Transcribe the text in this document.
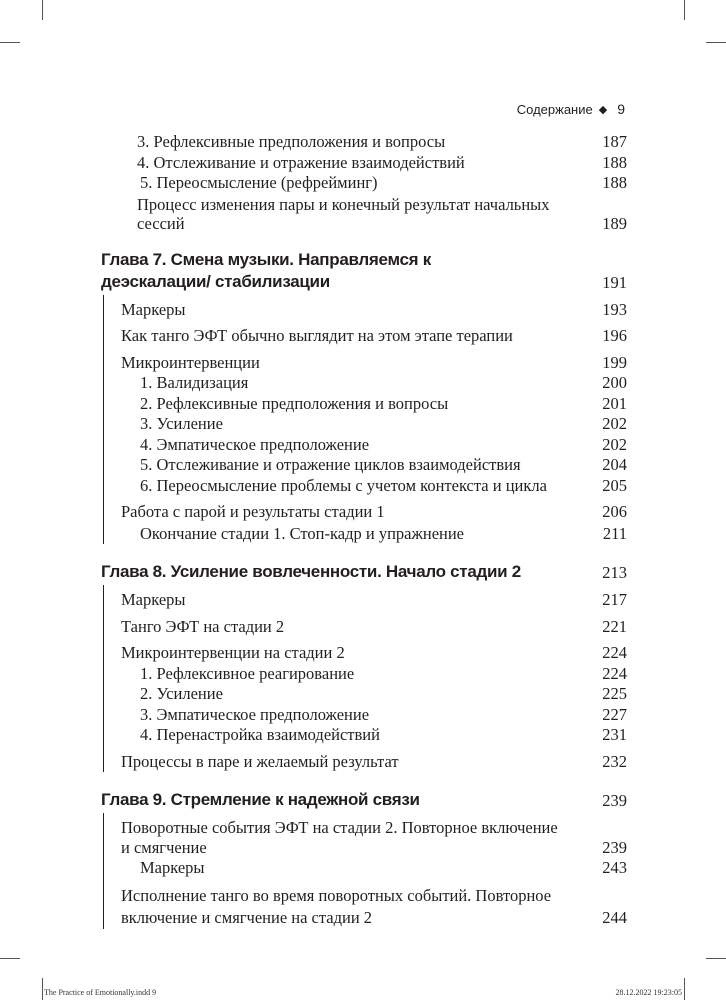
Содержание ◆ 9
3. Рефлексивные предположения и вопросы	187
4. Отслеживание и отражение взаимодействий	188
5. Переосмысление (рефрейминг)	188
Процесс изменения пары и конечный результат начальных сессий	189
Глава 7. Смена музыки. Направляемся к деэскалации/ стабилизации	191
Маркеры	193
Как танго ЭФТ обычно выглядит на этом этапе терапии	196
Микроинтервенции	199
1. Валидизация	200
2. Рефлексивные предположения и вопросы	201
3. Усиление	202
4. Эмпатическое предположение	202
5. Отслеживание и отражение циклов взаимодействия	204
6. Переосмысление проблемы с учетом контекста и цикла	205
Работа с парой и результаты стадии 1	206
Окончание стадии 1. Стоп-кадр и упражнение	211
Глава 8. Усиление вовлеченности. Начало стадии 2	213
Маркеры	217
Танго ЭФТ на стадии 2	221
Микроинтервенции на стадии 2	224
1. Рефлексивное реагирование	224
2. Усиление	225
3. Эмпатическое предположение	227
4. Перенастройка взаимодействий	231
Процессы в паре и желаемый результат	232
Глава 9. Стремление к надежной связи	239
Поворотные события ЭФТ на стадии 2. Повторное включение и смягчение	239
Маркеры	243
Исполнение танго во время поворотных событий. Повторное включение и смягчение на стадии 2	244
The Practice of Emotionally.indd 9	28.12.2022 19:23:05
